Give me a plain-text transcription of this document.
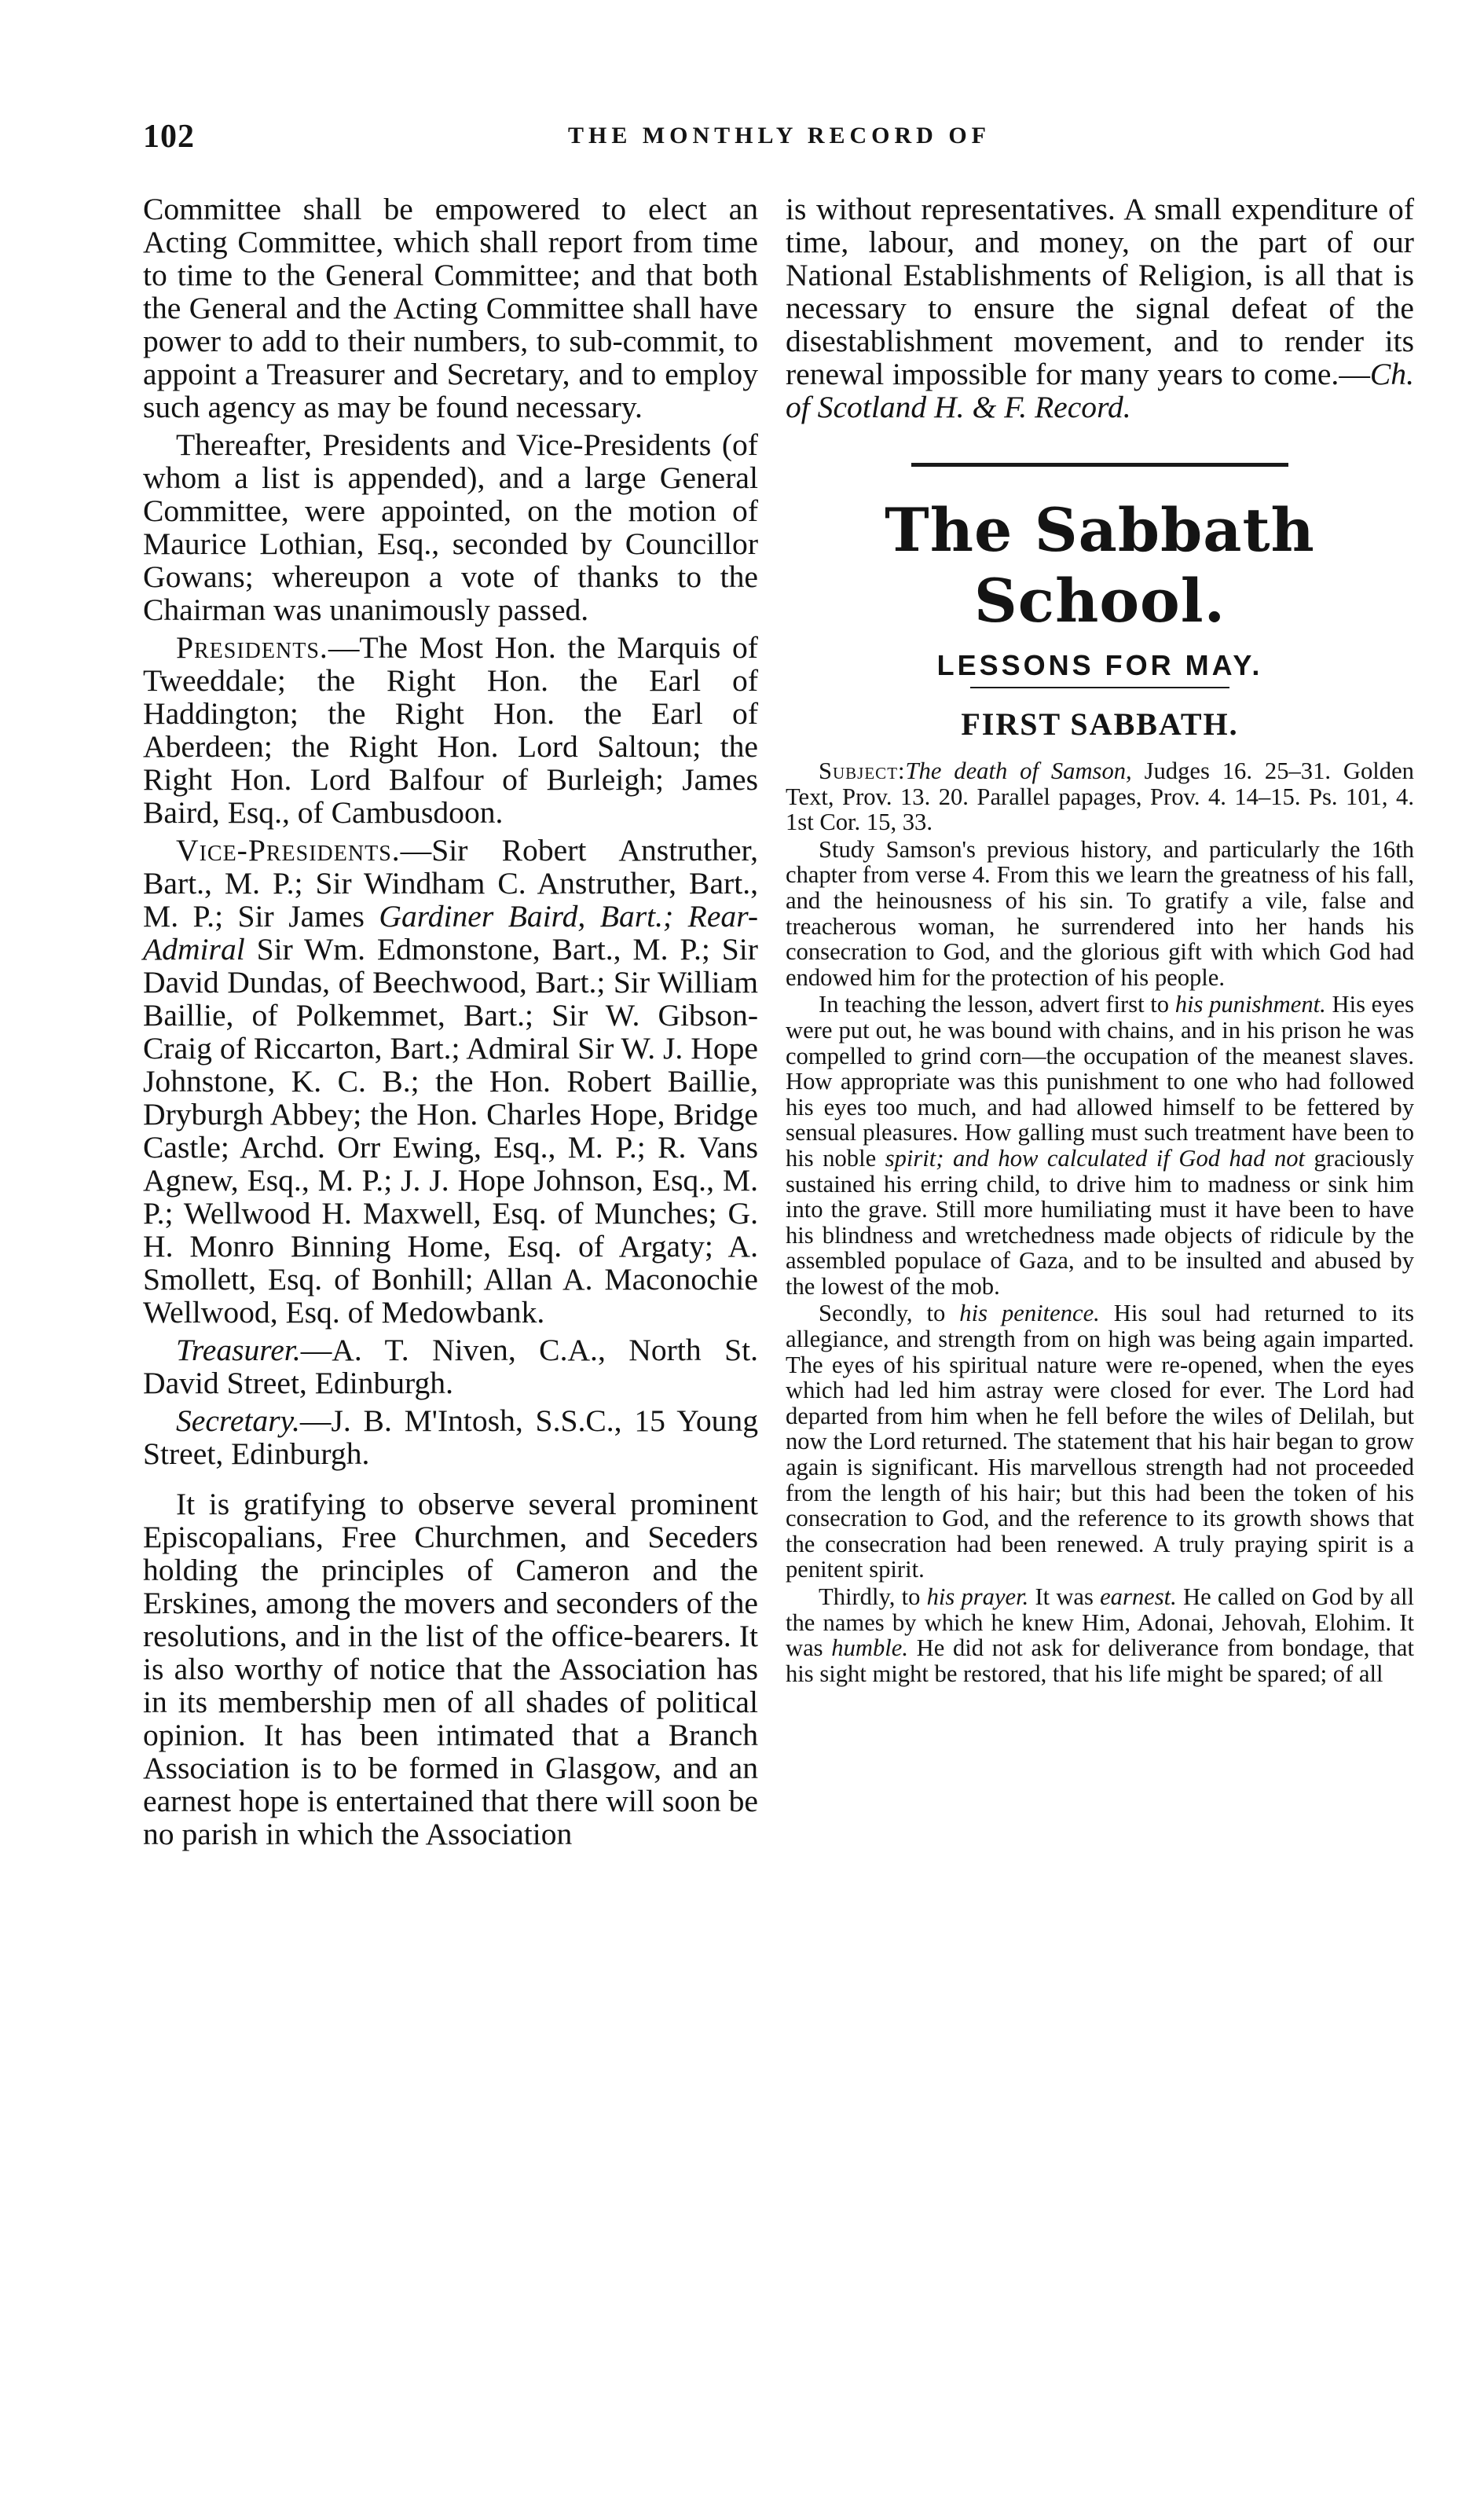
102	THE MONTHLY RECORD OF

Committee shall be empowered to elect an Acting Committee, which shall report from time to time to the General Committee; and that both the General and the Acting Committee shall have power to add to their numbers, to sub-commit, to appoint a Treasurer and Secretary, and to employ such agency as may be found necessary.

Thereafter, Presidents and Vice-Presidents (of whom a list is appended), and a large General Committee, were appointed, on the motion of Maurice Lothian, Esq., seconded by Councillor Gowans; whereupon a vote of thanks to the Chairman was unanimously passed.

Presidents.—The Most Hon. the Marquis of Tweeddale; the Right Hon. the Earl of Haddington; the Right Hon. the Earl of Aberdeen; the Right Hon. Lord Saltoun; the Right Hon. Lord Balfour of Burleigh; James Baird, Esq., of Cambusdoon.

Vice-Presidents.—Sir Robert Anstruther, Bart., M. P.; Sir Windham C. Anstruther, Bart., M. P.; Sir James Gardiner Baird, Bart.; Rear-Admiral Sir Wm. Edmonstone, Bart., M. P.; Sir David Dundas, of Beechwood, Bart.; Sir William Baillie, of Polkemmet, Bart.; Sir W. Gibson-Craig of Riccarton, Bart.; Admiral Sir W. J. Hope Johnstone, K. C. B.; the Hon. Robert Baillie, Dryburgh Abbey; the Hon. Charles Hope, Bridge Castle; Archd. Orr Ewing, Esq., M. P.; R. Vans Agnew, Esq., M. P.; J. J. Hope Johnson, Esq., M. P.; Wellwood H. Maxwell, Esq. of Munches; G. H. Monro Binning Home, Esq. of Argaty; A. Smollett, Esq. of Bonhill; Allan A. Maconochie Wellwood, Esq. of Medowbank.

Treasurer.—A. T. Niven, C.A., North St. David Street, Edinburgh.

Secretary.—J. B. M'Intosh, S.S.C., 15 Young Street, Edinburgh.

It is gratifying to observe several prominent Episcopalians, Free Churchmen, and Seceders holding the principles of Cameron and the Erskines, among the movers and seconders of the resolutions, and in the list of the office-bearers. It is also worthy of notice that the Association has in its membership men of all shades of political opinion. It has been intimated that a Branch Association is to be formed in Glasgow, and an earnest hope is entertained that there will soon be no parish in which the Association

is without representatives. A small expenditure of time, labour, and money, on the part of our National Establishments of Religion, is all that is necessary to ensure the signal defeat of the disestablishment movement, and to render its renewal impossible for many years to come.—Ch. of Scotland H. & F. Record.

The Sabbath School.
LESSONS FOR MAY.
FIRST SABBATH.

Subject:The death of Samson, Judges 16. 25–31. Golden Text, Prov. 13. 20. Parallel papages, Prov. 4. 14–15. Ps. 101, 4. 1st Cor. 15, 33.

Study Samson's previous history, and particularly the 16th chapter from verse 4. From this we learn the greatness of his fall, and the heinousness of his sin. To gratify a vile, false and treacherous woman, he surrendered into her hands his consecration to God, and the glorious gift with which God had endowed him for the protection of his people.

In teaching the lesson, advert first to his punishment. His eyes were put out, he was bound with chains, and in his prison he was compelled to grind corn—the occupation of the meanest slaves. How appropriate was this punishment to one who had followed his eyes too much, and had allowed himself to be fettered by sensual pleasures. How galling must such treatment have been to his noble spirit; and how calculated if God had not graciously sustained his erring child, to drive him to madness or sink him into the grave. Still more humiliating must it have been to have his blindness and wretchedness made objects of ridicule by the assembled populace of Gaza, and to be insulted and abused by the lowest of the mob.

Secondly, to his penitence. His soul had returned to its allegiance, and strength from on high was being again imparted. The eyes of his spiritual nature were re-opened, when the eyes which had led him astray were closed for ever. The Lord had departed from him when he fell before the wiles of Delilah, but now the Lord returned. The statement that his hair began to grow again is significant. His marvellous strength had not proceeded from the length of his hair; but this had been the token of his consecration to God, and the reference to its growth shows that the consecration had been renewed. A truly praying spirit is a penitent spirit.

Thirdly, to his prayer. It was earnest. He called on God by all the names by which he knew Him, Adonai, Jehovah, Elohim. It was humble. He did not ask for deliverance from bondage, that his sight might be restored, that his life might be spared; of all
